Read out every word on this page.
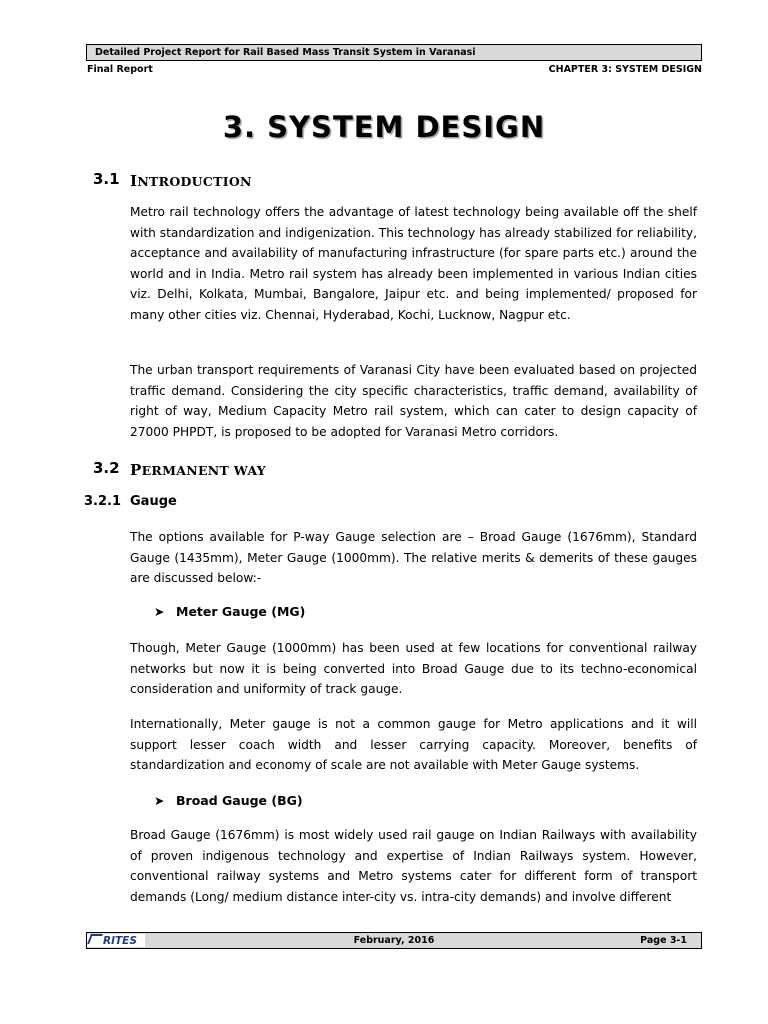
Detailed Project Report for Rail Based Mass Transit System in Varanasi
Final Report	CHAPTER 3: SYSTEM DESIGN
3. SYSTEM DESIGN
3.1 INTRODUCTION

Metro rail technology offers the advantage of latest technology being available off the shelf with standardization and indigenization. This technology has already stabilized for reliability, acceptance and availability of manufacturing infrastructure (for spare parts etc.) around the world and in India. Metro rail system has already been implemented in various Indian cities viz. Delhi, Kolkata, Mumbai, Bangalore, Jaipur etc. and being implemented/ proposed for many other cities viz. Chennai, Hyderabad, Kochi, Lucknow, Nagpur etc.

The urban transport requirements of Varanasi City have been evaluated based on projected traffic demand. Considering the city specific characteristics, traffic demand, availability of right of way, Medium Capacity Metro rail system, which can cater to design capacity of 27000 PHPDT, is proposed to be adopted for Varanasi Metro corridors.

3.2 PERMANENT WAY
3.2.1 Gauge

The options available for P-way Gauge selection are – Broad Gauge (1676mm), Standard Gauge (1435mm), Meter Gauge (1000mm). The relative merits & demerits of these gauges are discussed below:-

➤ Meter Gauge (MG)

Though, Meter Gauge (1000mm) has been used at few locations for conventional railway networks but now it is being converted into Broad Gauge due to its techno-economical consideration and uniformity of track gauge.

Internationally, Meter gauge is not a common gauge for Metro applications and it will support lesser coach width and lesser carrying capacity. Moreover, benefits of standardization and economy of scale are not available with Meter Gauge systems.

➤ Broad Gauge (BG)

Broad Gauge (1676mm) is most widely used rail gauge on Indian Railways with availability of proven indigenous technology and expertise of Indian Railways system. However, conventional railway systems and Metro systems cater for different form of transport demands (Long/ medium distance inter-city vs. intra-city demands) and involve different

RITES	February, 2016	Page 3-1
